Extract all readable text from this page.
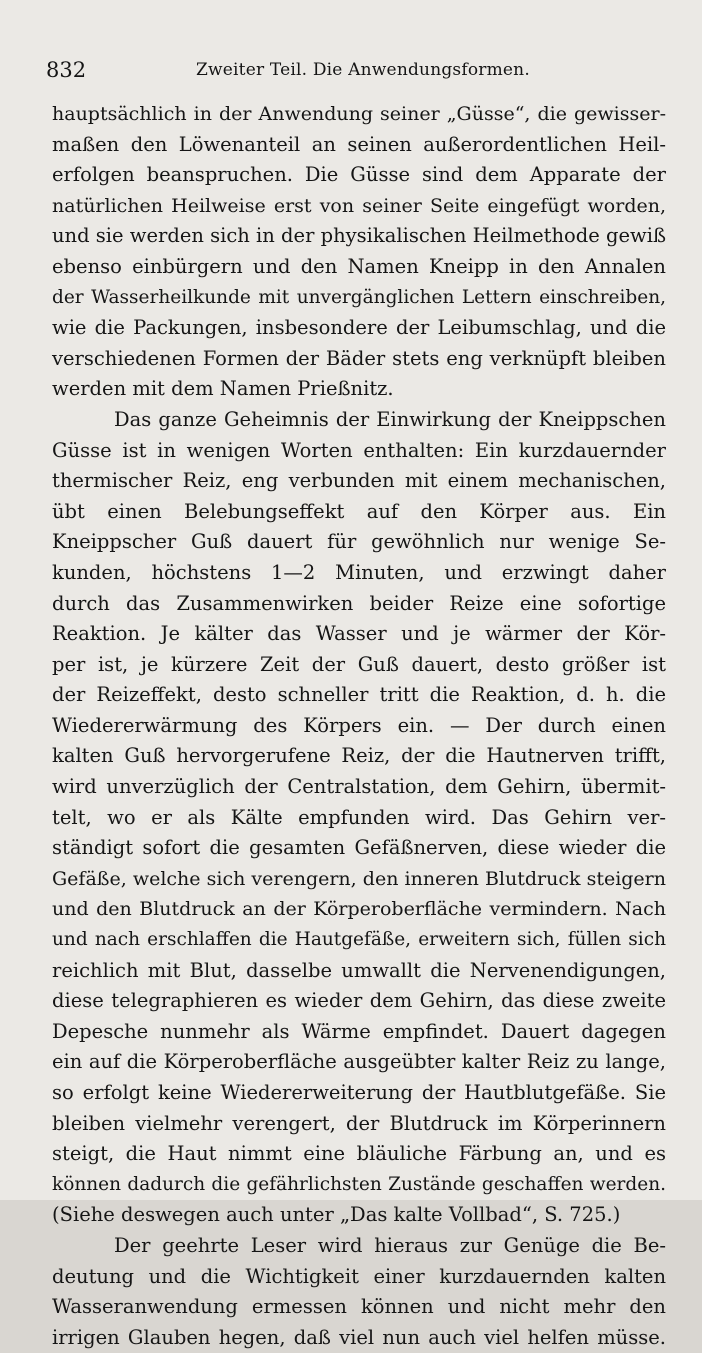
832	Zweiter Teil. Die Anwendungsformen.
hauptsächlich in der Anwendung seiner „Güsse“, die gewisser-
maßen den Löwenanteil an seinen außerordentlichen Heil-
erfolgen beanspruchen. Die Güsse sind dem Apparate der
natürlichen Heilweise erst von seiner Seite eingefügt worden,
und sie werden sich in der physikalischen Heilmethode gewiß
ebenso einbürgern und den Namen Kneipp in den Annalen
der Wasserheilkunde mit unvergänglichen Lettern einschreiben,
wie die Packungen, insbesondere der Leibumschlag, und die
verschiedenen Formen der Bäder stets eng verknüpft bleiben
werden mit dem Namen Prießnitz.
Das ganze Geheimnis der Einwirkung der Kneippschen
Güsse ist in wenigen Worten enthalten: Ein kurzdauernder
thermischer Reiz, eng verbunden mit einem mechanischen,
übt einen Belebungseffekt auf den Körper aus. Ein
Kneippscher Guß dauert für gewöhnlich nur wenige Se-
kunden, höchstens 1—2 Minuten, und erzwingt daher
durch das Zusammenwirken beider Reize eine sofortige
Reaktion. Je kälter das Wasser und je wärmer der Kör-
per ist, je kürzere Zeit der Guß dauert, desto größer ist
der Reizeffekt, desto schneller tritt die Reaktion, d. h. die
Wiedererwärmung des Körpers ein. — Der durch einen
kalten Guß hervorgerufene Reiz, der die Hautnerven trifft,
wird unverzüglich der Centralstation, dem Gehirn, übermit-
telt, wo er als Kälte empfunden wird. Das Gehirn ver-
ständigt sofort die gesamten Gefäßnerven, diese wieder die
Gefäße, welche sich verengern, den inneren Blutdruck steigern
und den Blutdruck an der Körperoberfläche vermindern. Nach
und nach erschlaffen die Hautgefäße, erweitern sich, füllen sich
reichlich mit Blut, dasselbe umwallt die Nervenendigungen,
diese telegraphieren es wieder dem Gehirn, das diese zweite
Depesche nunmehr als Wärme empfindet. Dauert dagegen
ein auf die Körperoberfläche ausgeübter kalter Reiz zu lange,
so erfolgt keine Wiedererweiterung der Hautblutgefäße. Sie
bleiben vielmehr verengert, der Blutdruck im Körperinnern
steigt, die Haut nimmt eine bläuliche Färbung an, und es
können dadurch die gefährlichsten Zustände geschaffen werden.
(Siehe deswegen auch unter „Das kalte Vollbad“, S. 725.)
Der geehrte Leser wird hieraus zur Genüge die Be-
deutung und die Wichtigkeit einer kurzdauernden kalten
Wasseranwendung ermessen können und nicht mehr den
irrigen Glauben hegen, daß viel nun auch viel helfen müsse.
